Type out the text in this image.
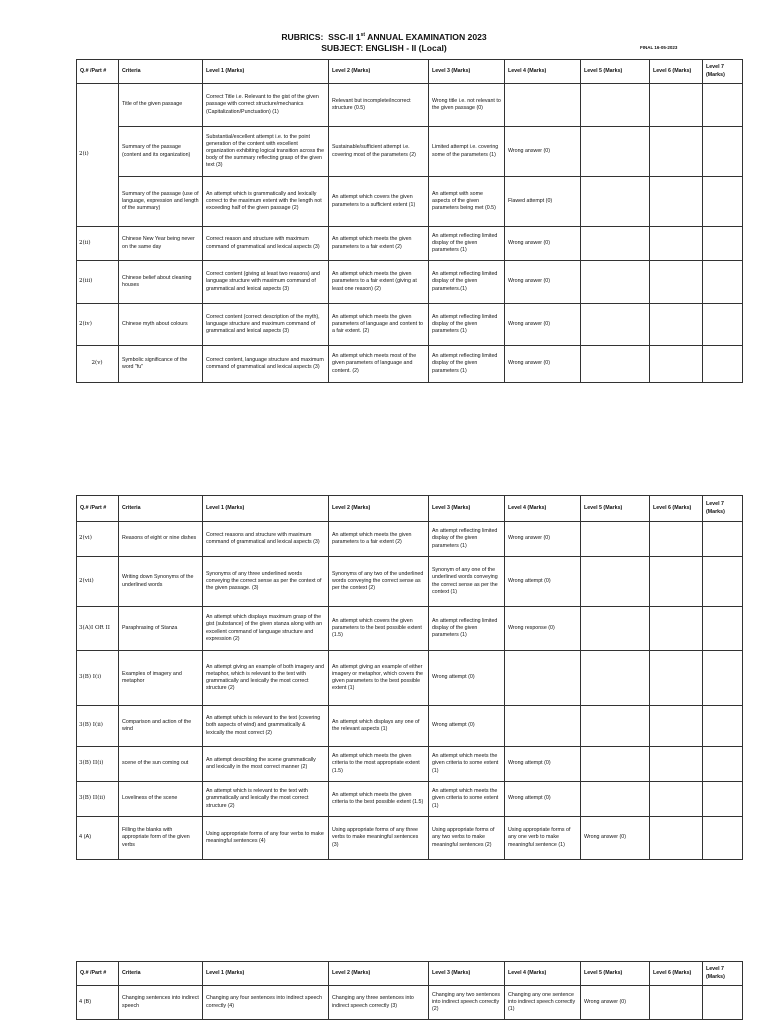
RUBRICS:  SSC-II 1st ANNUAL EXAMINATION 2023
SUBJECT: ENGLISH - II (Local)	FINAL 16-05-2023
Q.# /Part #	Criteria	Level 1 (Marks)	Level 2 (Marks)	Level 3 (Marks)	Level 4 (Marks)	Level 5 (Marks)	Level 6 (Marks)	Level 7 (Marks)
2(i)	Title of the given passage	Correct Title i.e. Relevant to the gist of the given passage with correct structure/mechanics (Capitalization/Punctuation) (1)	Relevant but incomplete/incorrect structure (0.5)	Wrong title i.e. not relevant to the given passage (0)				
	Summary of the passage (content and its organization)	Substantial/excellent attempt i.e. to the point generation of the content with excellent organization exhibiting logical transition across the body of the summary reflecting grasp of the given text (3)	Sustainable/sufficient attempt i.e. covering most of the parameters (2)	Limited attempt i.e. covering some of the parameters (1)	Wrong answer (0)			
	Summary of the passage (use of language, expression and length of the summary)	An attempt which is grammatically and lexically correct to the maximum extent with the length not exceeding half of the given passage (2)	An attempt which covers the given parameters to a sufficient extent (1)	An attempt with some aspects of the given parameters being met (0.5)	Flawed attempt (0)			
2(ii)	Chinese New Year being never on the same day	Correct reason and structure with maximum command of grammatical and lexical aspects (3)	An attempt which meets the given parameters to a fair extent (2)	An attempt reflecting limited display of the given parameters (1)	Wrong answer (0)			
2(iii)	Chinese belief about cleaning houses	Correct content (giving at least two reasons) and language structure with maximum command of grammatical and lexical aspects (3)	An attempt which meets the given parameters to a fair extent (giving at least one reason) (2)	An attempt reflecting limited display of the given parameters.(1)	Wrong answer (0)			
2(iv)	Chinese myth about colours	Correct content (correct description of the myth), language structure and maximum command of grammatical and lexical aspects (3)	An attempt which meets the given parameters of language and content to a fair extent. (2)	An attempt reflecting limited display of the given parameters (1)	Wrong answer (0)			
2(v)	Symbolic significance of the word "fu"	Correct content, language structure and maximum command of grammatical and lexical aspects (3)	An attempt which meets most of the given parameters of language and content. (2)	An attempt reflecting limited display of the given parameters (1)	Wrong answer (0)			
Q.# /Part #	Criteria	Level 1 (Marks)	Level 2 (Marks)	Level 3 (Marks)	Level 4 (Marks)	Level 5 (Marks)	Level 6 (Marks)	Level 7 (Marks)
2(vi)	Reasons of eight or nine dishes	Correct reasons and structure with maximum command of grammatical and lexical aspects (3)	An attempt which meets the given parameters to a fair extent (2)	An attempt reflecting limited display of the given parameters (1)	Wrong answer (0)			
2(vii)	Writing down Synonyms of the underlined words	Synonyms of any three underlined words conveying the correct sense as per the context of the given passage. (3)	Synonyms of any two of the underlined words conveying the correct sense as per the context (2)	Synonym of any one of the underlined words conveying the correct sense as per the context (1)	Wrong attempt (0)			
3(A)I OR II	Paraphrasing of Stanza	An attempt which displays maximum grasp of the gist (substance) of the given stanza along with an excellent command of language structure and expression (2)	An attempt which covers the given parameters to the best possible extent (1.5)	An attempt reflecting limited display of the given parameters (1)	Wrong response (0)			
3(B) I(i)	Examples of imagery and metaphor	An attempt giving an example of both imagery and metaphor, which is relevant to the text with grammatically and lexically the most correct structure (2)	An attempt giving an example of either imagery or metaphor, which covers the given parameters to the best possible extent (1)	Wrong attempt (0)				
3(B) I(ii)	Comparison and action of the wind	An attempt which is relevant to the text (covering both aspects of wind) and grammatically & lexically the most correct (2)	An attempt which displays any one of the relevant aspects (1)	Wrong attempt (0)				
3(B) II(i)	scene of the sun coming out	An attempt describing the scene grammatically and lexically in the most correct manner (2)	An attempt which meets the given criteria to the most appropriate extent (1.5)	An attempt which meets the given criteria to some extent (1)	Wrong attempt (0)			
3(B) II(ii)	Loveliness of the scene	An attempt which is relevant to the text with grammatically and lexically the most correct structure (2)	An attempt which meets the given criteria to the best possible extent (1.5)	An attempt which meets the given criteria to some extent (1)	Wrong attempt (0)			
4 (A)	Filling the blanks with appropriate form of the given verbs	Using appropriate forms of any four verbs to make meaningful sentences (4)	Using appropriate forms of any three verbs to make meaningful sentences (3)	Using appropriate forms of any two verbs to make meaningful sentences (2)	Using appropriate forms of any one verb to make meaningful sentence (1)	Wrong answer (0)		
Q.# /Part #	Criteria	Level 1 (Marks)	Level 2 (Marks)	Level 3 (Marks)	Level 4 (Marks)	Level 5 (Marks)	Level 6 (Marks)	Level 7 (Marks)
4 (B)	Changing sentences into indirect speech	Changing any four sentences into indirect speech correctly (4)	Changing any three sentences into indirect speech correctly (3)	Changing any two sentences into indirect speech correctly (2)	Changing any one sentence into indirect speech correctly (1)	Wrong answer (0)		
